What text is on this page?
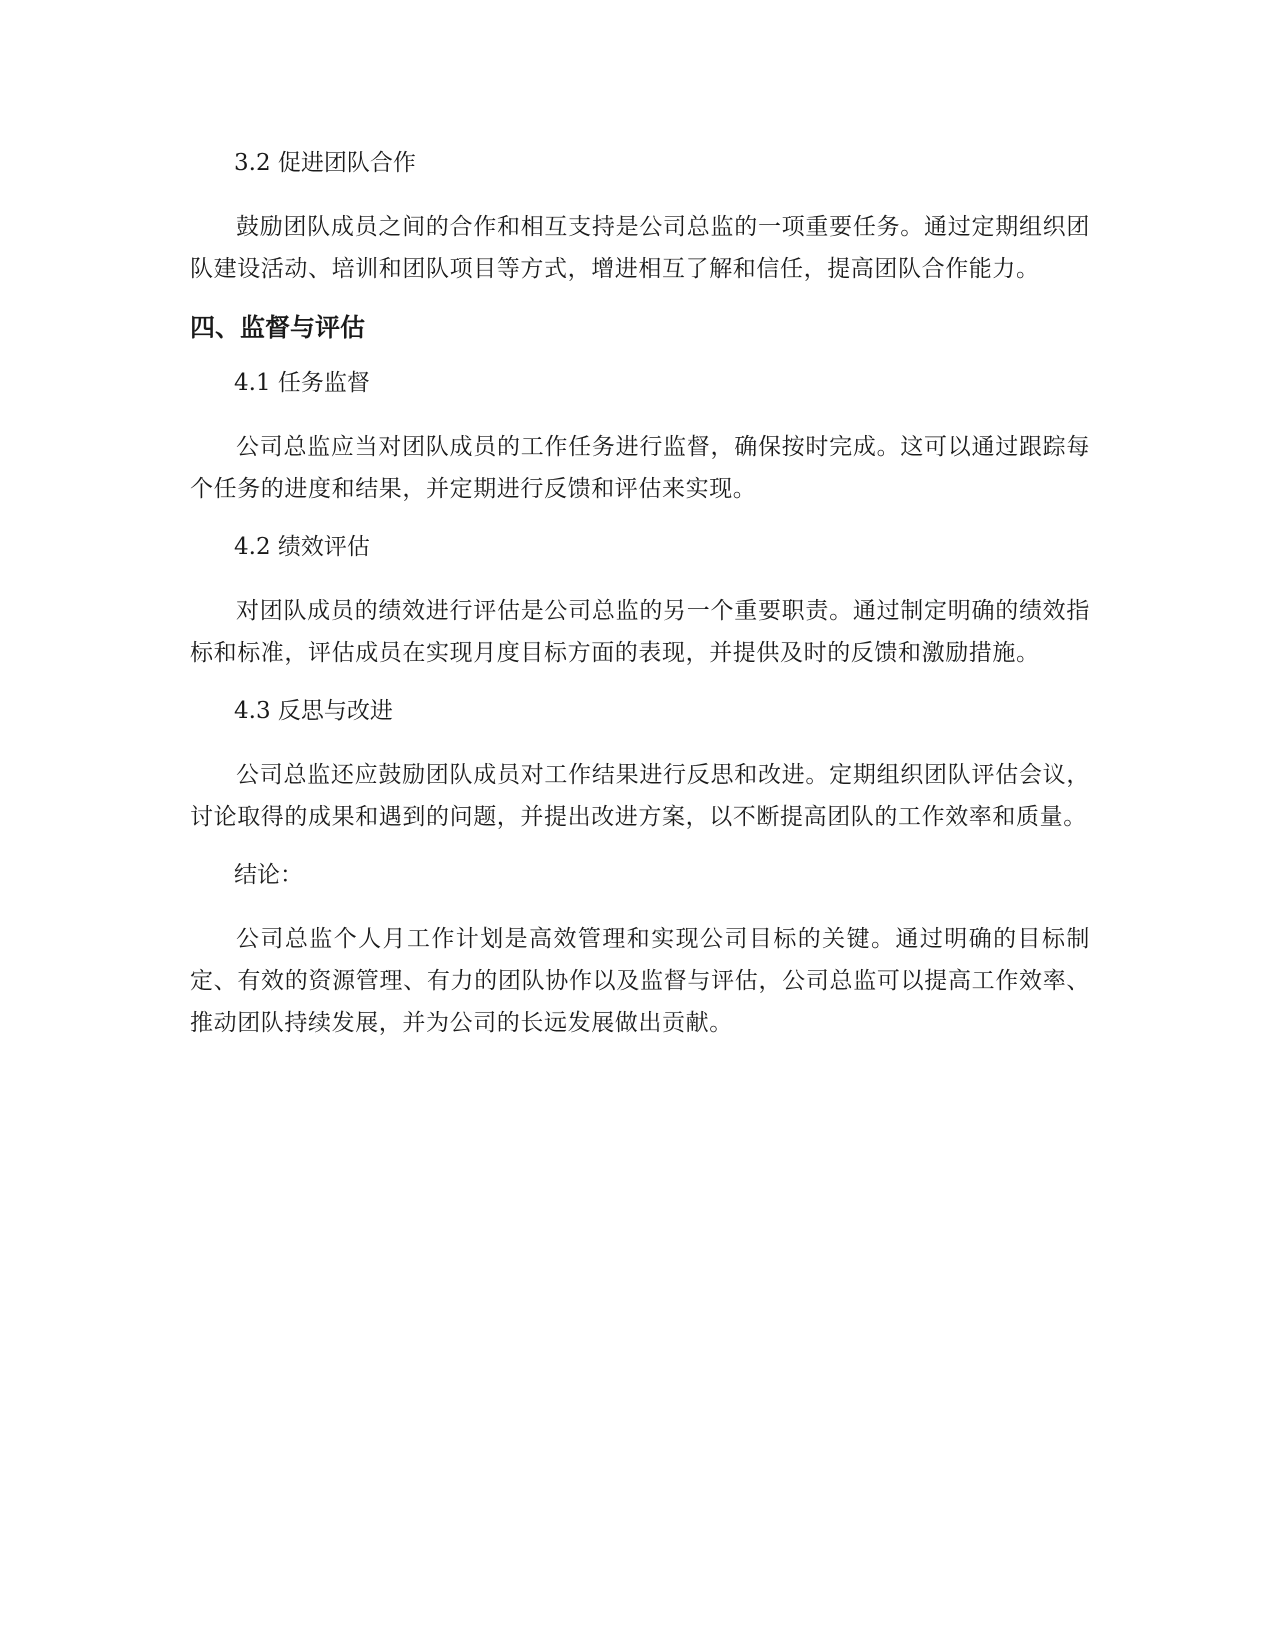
3.2 促进团队合作

鼓励团队成员之间的合作和相互支持是公司总监的一项重要任务。通过定期组织团队建设活动、培训和团队项目等方式，增进相互了解和信任，提高团队合作能力。

四、监督与评估

4.1 任务监督

公司总监应当对团队成员的工作任务进行监督，确保按时完成。这可以通过跟踪每个任务的进度和结果，并定期进行反馈和评估来实现。

4.2 绩效评估

对团队成员的绩效进行评估是公司总监的另一个重要职责。通过制定明确的绩效指标和标准，评估成员在实现月度目标方面的表现，并提供及时的反馈和激励措施。

4.3 反思与改进

公司总监还应鼓励团队成员对工作结果进行反思和改进。定期组织团队评估会议，讨论取得的成果和遇到的问题，并提出改进方案，以不断提高团队的工作效率和质量。

结论：

公司总监个人月工作计划是高效管理和实现公司目标的关键。通过明确的目标制定、有效的资源管理、有力的团队协作以及监督与评估，公司总监可以提高工作效率、推动团队持续发展，并为公司的长远发展做出贡献。
